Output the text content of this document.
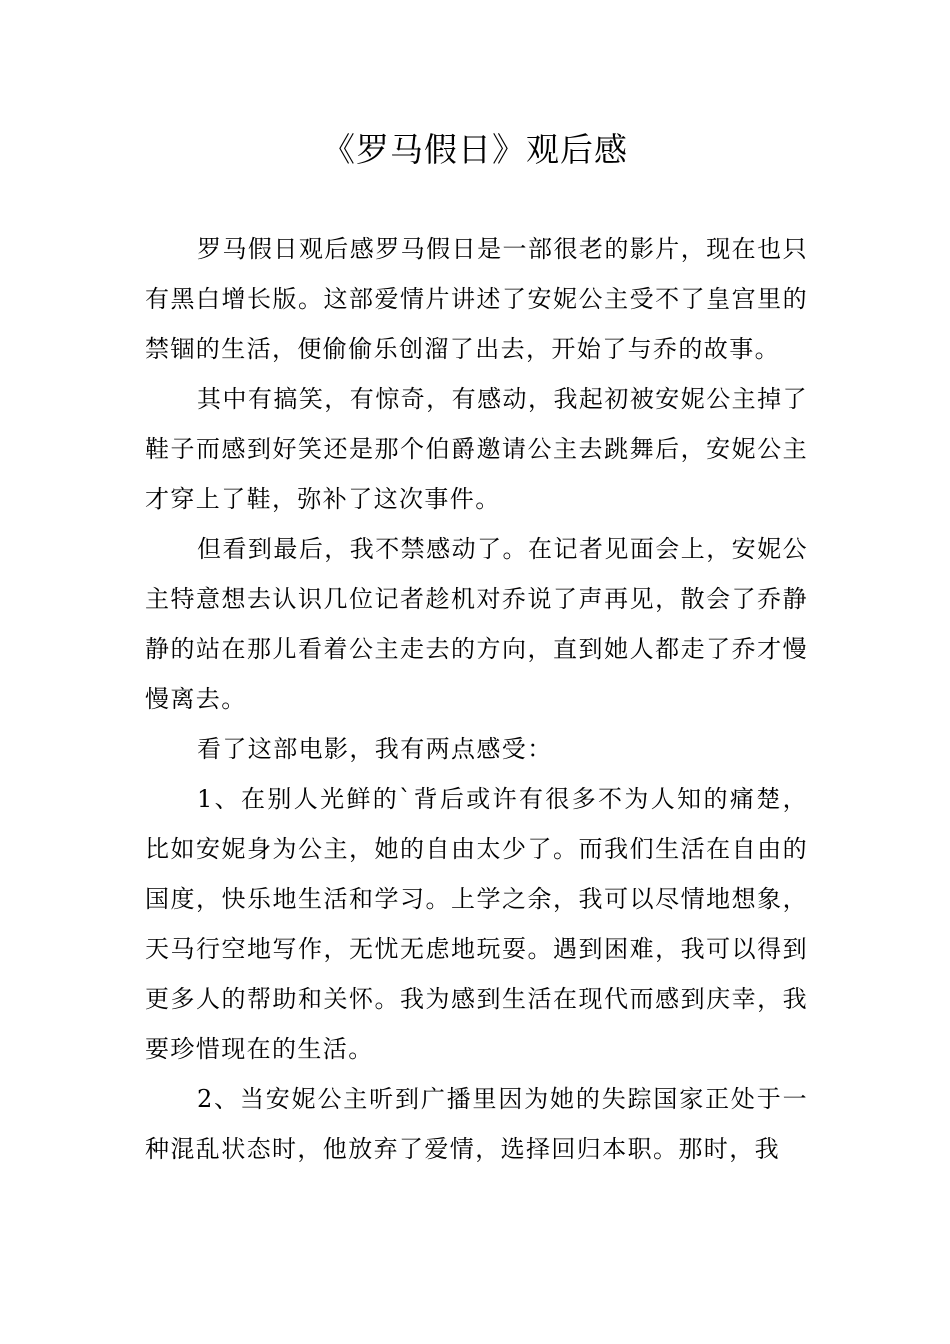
《罗马假日》观后感

罗马假日观后感罗马假日是一部很老的影片，现在也只有黑白增长版。这部爱情片讲述了安妮公主受不了皇宫里的禁锢的生活，便偷偷乐创溜了出去，开始了与乔的故事。

其中有搞笑，有惊奇，有感动，我起初被安妮公主掉了鞋子而感到好笑还是那个伯爵邀请公主去跳舞后，安妮公主才穿上了鞋，弥补了这次事件。

但看到最后，我不禁感动了。在记者见面会上，安妮公主特意想去认识几位记者趁机对乔说了声再见，散会了乔静静的站在那儿看着公主走去的方向，直到她人都走了乔才慢慢离去。

看了这部电影，我有两点感受：

1、在别人光鲜的`背后或许有很多不为人知的痛楚，比如安妮身为公主，她的自由太少了。而我们生活在自由的国度，快乐地生活和学习。上学之余，我可以尽情地想象，天马行空地写作，无忧无虑地玩耍。遇到困难，我可以得到更多人的帮助和关怀。我为感到生活在现代而感到庆幸，我要珍惜现在的生活。

2、当安妮公主听到广播里因为她的失踪国家正处于一种混乱状态时，他放弃了爱情，选择回归本职。那时，我
